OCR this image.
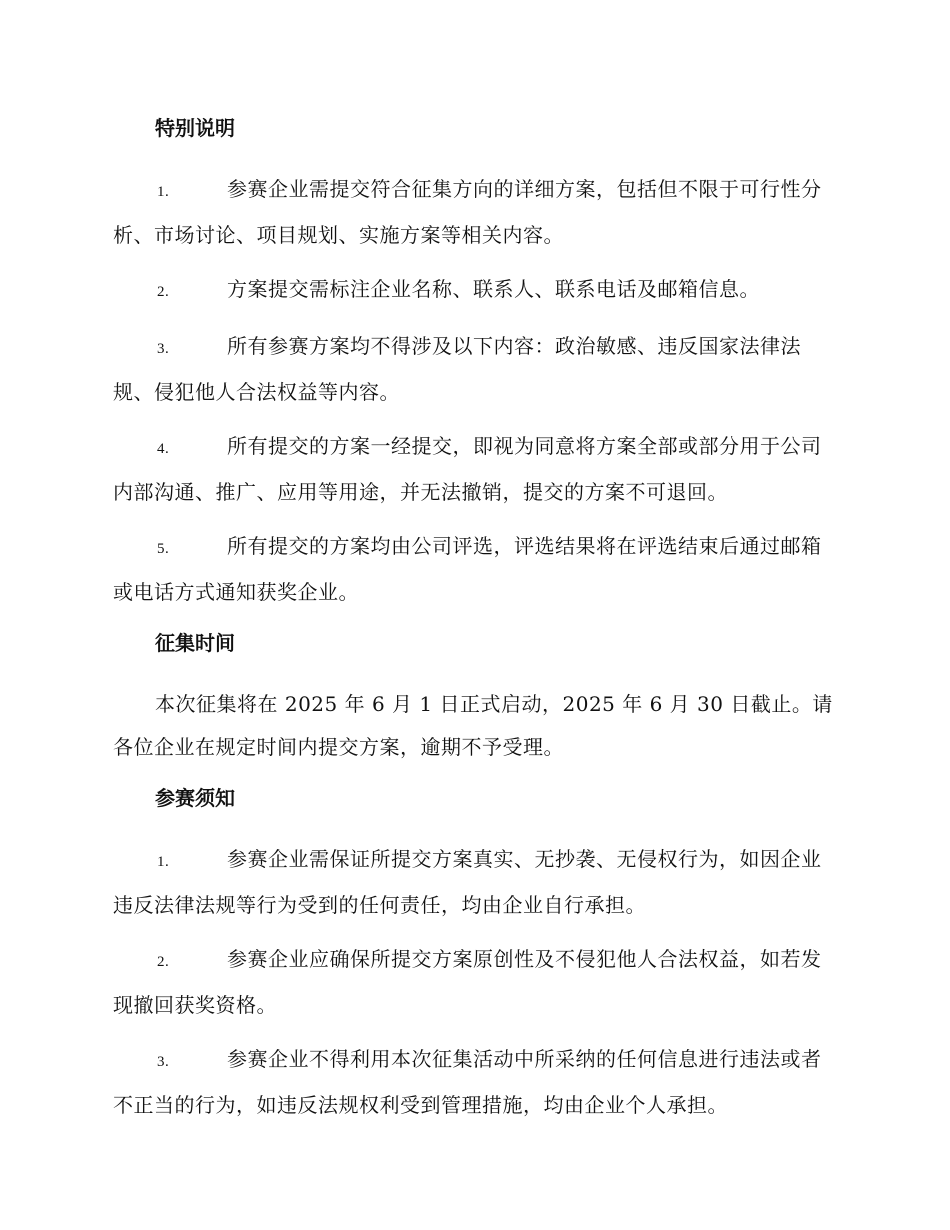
特别说明
1.	参赛企业需提交符合征集方向的详细方案，包括但不限于可行性分析、市场讨论、项目规划、实施方案等相关内容。
2.	方案提交需标注企业名称、联系人、联系电话及邮箱信息。
3.	所有参赛方案均不得涉及以下内容：政治敏感、违反国家法律法规、侵犯他人合法权益等内容。
4.	所有提交的方案一经提交，即视为同意将方案全部或部分用于公司内部沟通、推广、应用等用途，并无法撤销，提交的方案不可退回。
5.	所有提交的方案均由公司评选，评选结果将在评选结束后通过邮箱或电话方式通知获奖企业。
征集时间
本次征集将在 2025 年 6 月 1 日正式启动，2025 年 6 月 30 日截止。请各位企业在规定时间内提交方案，逾期不予受理。
参赛须知
1.	参赛企业需保证所提交方案真实、无抄袭、无侵权行为，如因企业违反法律法规等行为受到的任何责任，均由企业自行承担。
2.	参赛企业应确保所提交方案原创性及不侵犯他人合法权益，如若发现撤回获奖资格。
3.	参赛企业不得利用本次征集活动中所采纳的任何信息进行违法或者不正当的行为，如违反法规权利受到管理措施，均由企业个人承担。
